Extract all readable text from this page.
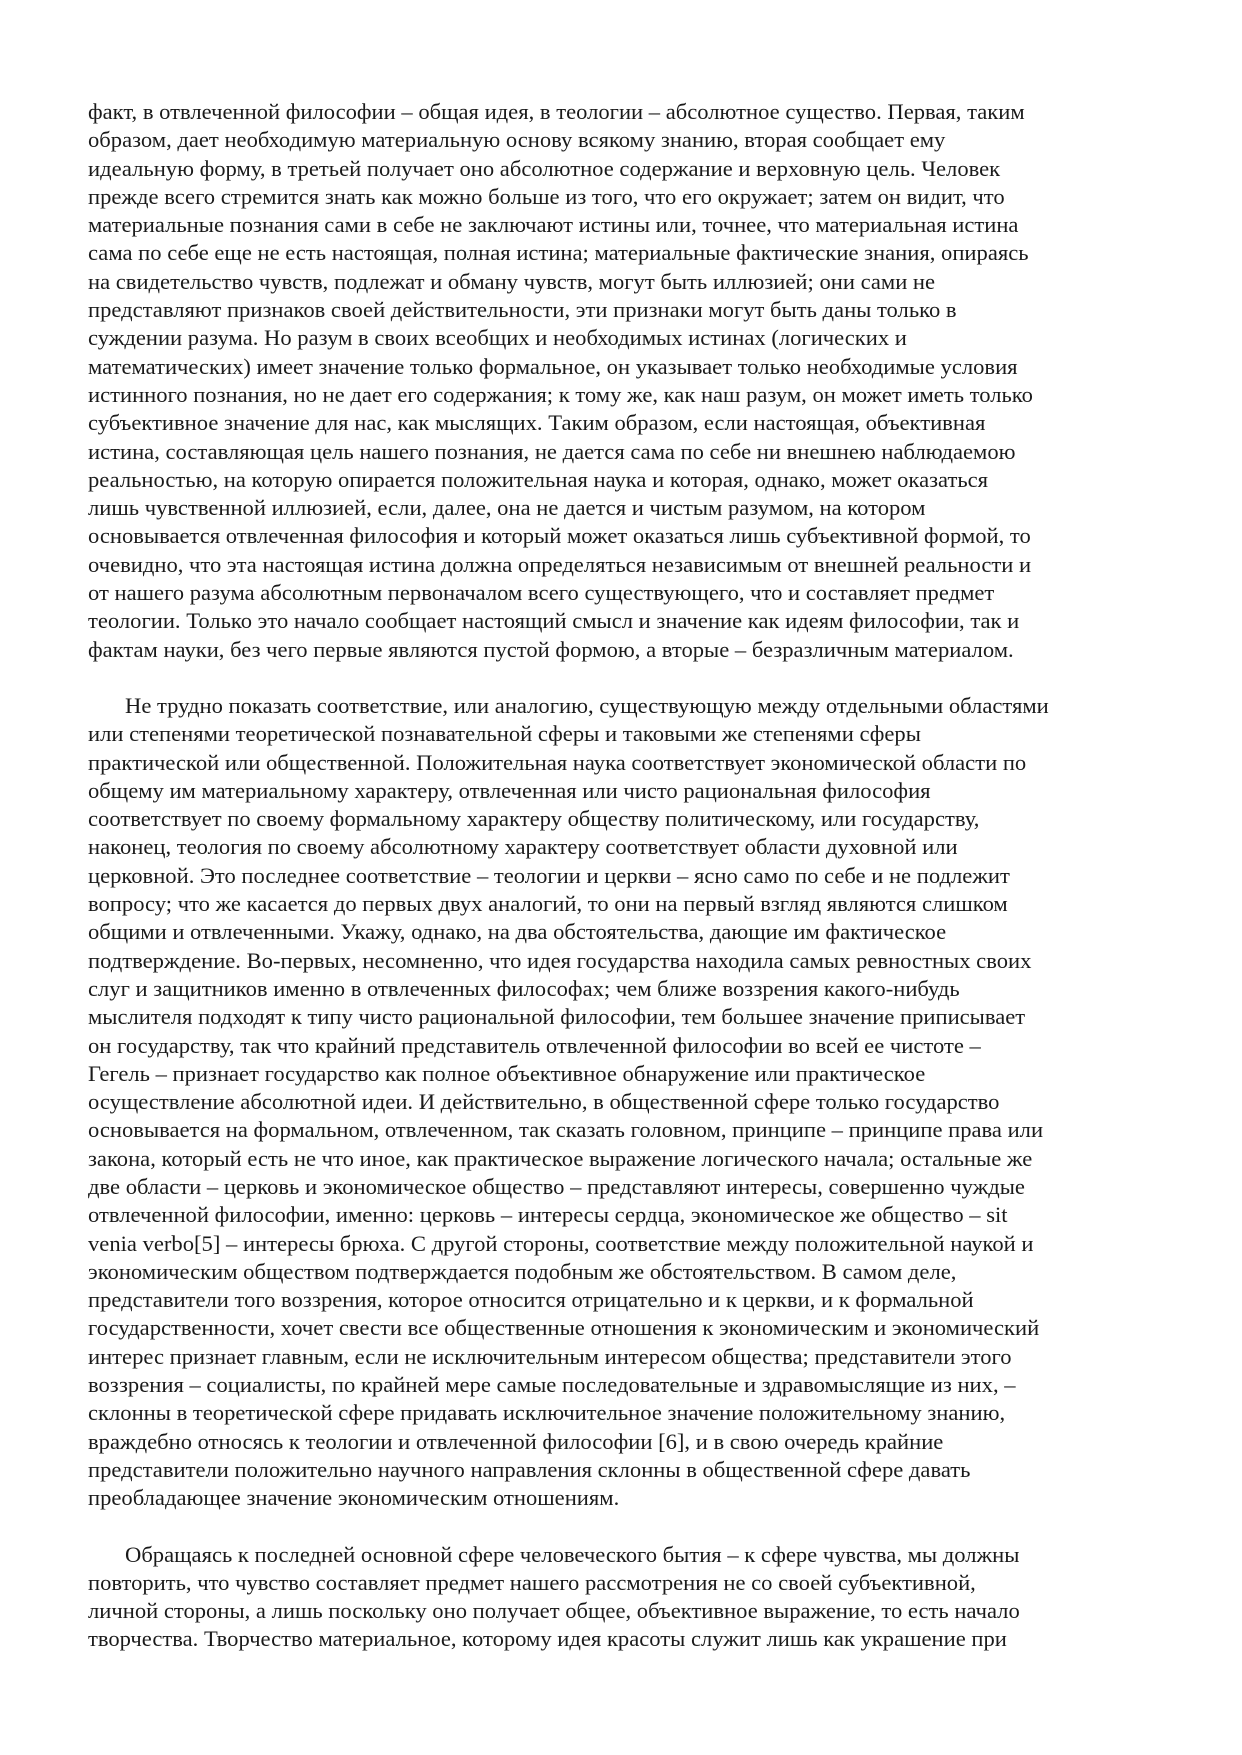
факт, в отвлеченной философии – общая идея, в теологии – абсолютное существо. Первая, таким
образом, дает необходимую материальную основу всякому знанию, вторая сообщает ему
идеальную форму, в третьей получает оно абсолютное содержание и верховную цель. Человек
прежде всего стремится знать как можно больше из того, что его окружает; затем он видит, что
материальные познания сами в себе не заключают истины или, точнее, что материальная истина
сама по себе еще не есть настоящая, полная истина; материальные фактические знания, опираясь
на свидетельство чувств, подлежат и обману чувств, могут быть иллюзией; они сами не
представляют признаков своей действительности, эти признаки могут быть даны только в
суждении разума. Но разум в своих всеобщих и необходимых истинах (логических и
математических) имеет значение только формальное, он указывает только необходимые условия
истинного познания, но не дает его содержания; к тому же, как наш разум, он может иметь только
субъективное значение для нас, как мыслящих. Таким образом, если настоящая, объективная
истина, составляющая цель нашего познания, не дается сама по себе ни внешнею наблюдаемою
реальностью, на которую опирается положительная наука и которая, однако, может оказаться
лишь чувственной иллюзией, если, далее, она не дается и чистым разумом, на котором
основывается отвлеченная философия и который может оказаться лишь субъективной формой, то
очевидно, что эта настоящая истина должна определяться независимым от внешней реальности и
от нашего разума абсолютным первоначалом всего существующего, что и составляет предмет
теологии. Только это начало сообщает настоящий смысл и значение как идеям философии, так и
фактам науки, без чего первые являются пустой формою, а вторые – безразличным материалом.
Не трудно показать соответствие, или аналогию, существующую между отдельными областями
или степенями теоретической познавательной сферы и таковыми же степенями сферы
практической или общественной. Положительная наука соответствует экономической области по
общему им материальному характеру, отвлеченная или чисто рациональная философия
соответствует по своему формальному характеру обществу политическому, или государству,
наконец, теология по своему абсолютному характеру соответствует области духовной или
церковной. Это последнее соответствие – теологии и церкви – ясно само по себе и не подлежит
вопросу; что же касается до первых двух аналогий, то они на первый взгляд являются слишком
общими и отвлеченными. Укажу, однако, на два обстоятельства, дающие им фактическое
подтверждение. Во-первых, несомненно, что идея государства находила самых ревностных своих
слуг и защитников именно в отвлеченных философах; чем ближе воззрения какого-нибудь
мыслителя подходят к типу чисто рациональной философии, тем большее значение приписывает
он государству, так что крайний представитель отвлеченной философии во всей ее чистоте –
Гегель – признает государство как полное объективное обнаружение или практическое
осуществление абсолютной идеи. И действительно, в общественной сфере только государство
основывается на формальном, отвлеченном, так сказать головном, принципе – принципе права или
закона, который есть не что иное, как практическое выражение логического начала; остальные же
две области – церковь и экономическое общество – представляют интересы, совершенно чуждые
отвлеченной философии, именно: церковь – интересы сердца, экономическое же общество – sit
venia verbo[5] – интересы брюха. С другой стороны, соответствие между положительной наукой и
экономическим обществом подтверждается подобным же обстоятельством. В самом деле,
представители того воззрения, которое относится отрицательно и к церкви, и к формальной
государственности, хочет свести все общественные отношения к экономическим и экономический
интерес признает главным, если не исключительным интересом общества; представители этого
воззрения – социалисты, по крайней мере самые последовательные и здравомыслящие из них, –
склонны в теоретической сфере придавать исключительное значение положительному знанию,
враждебно относясь к теологии и отвлеченной философии [6], и в свою очередь крайние
представители положительно научного направления склонны в общественной сфере давать
преобладающее значение экономическим отношениям.
Обращаясь к последней основной сфере человеческого бытия – к сфере чувства, мы должны
повторить, что чувство составляет предмет нашего рассмотрения не со своей субъективной,
личной стороны, а лишь поскольку оно получает общее, объективное выражение, то есть начало
творчества. Творчество материальное, которому идея красоты служит лишь как украшение при
